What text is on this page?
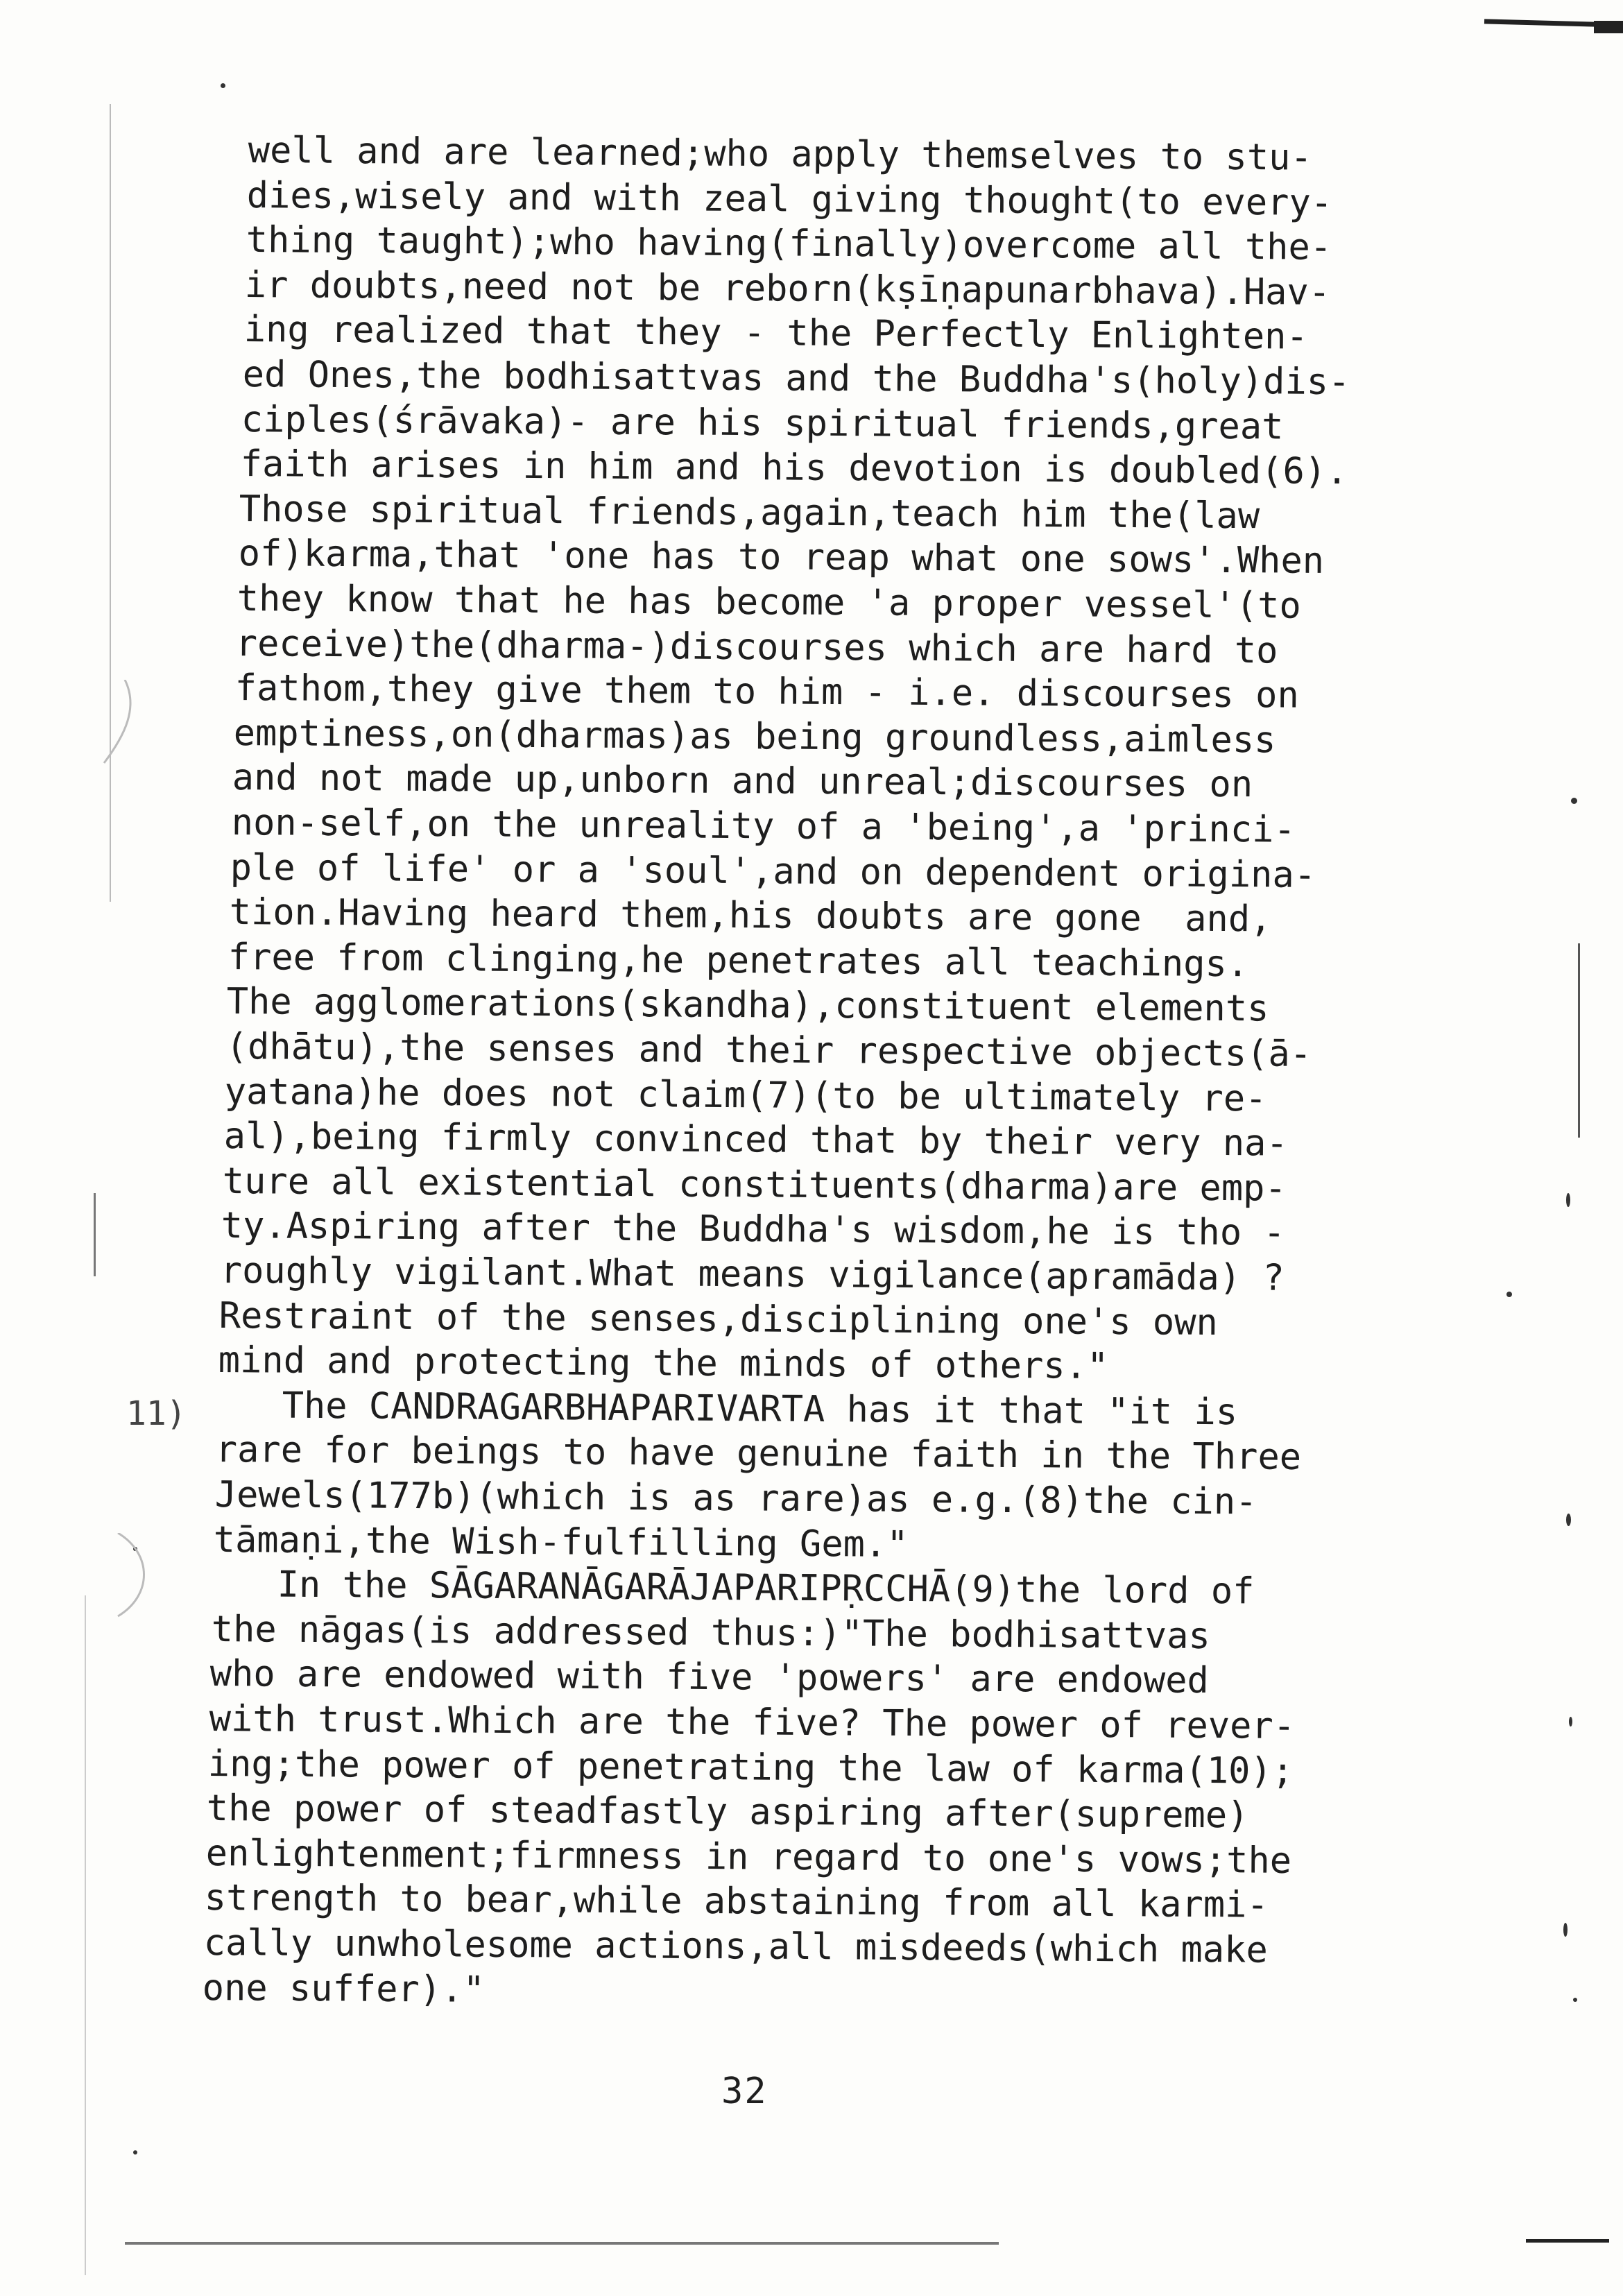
well and are learned;who apply themselves to stu-
dies,wisely and with zeal giving thought(to every-
thing taught);who having(finally)overcome all the-
ir doubts,need not be reborn(kṣīṇapunarbhava).Hav-
ing realized that they - the Perfectly Enlighten-
ed Ones,the bodhisattvas and the Buddha's(holy)dis-
ciples(śrāvaka)- are his spiritual friends,great
faith arises in him and his devotion is doubled(6).
Those spiritual friends,again,teach him the(law
of)karma,that 'one has to reap what one sows'.When
they know that he has become 'a proper vessel'(to
receive)the(dharma-)discourses which are hard to
fathom,they give them to him - i.e. discourses on
emptiness,on(dharmas)as being groundless,aimless
and not made up,unborn and unreal;discourses on
non-self,on the unreality of a 'being',a 'princi-
ple of life' or a 'soul',and on dependent origina-
tion.Having heard them,his doubts are gone  and,
free from clinging,he penetrates all teachings.
The agglomerations(skandha),constituent elements
(dhātu),the senses and their respective objects(ā-
yatana)he does not claim(7)(to be ultimately re-
al),being firmly convinced that by their very na-
ture all existential constituents(dharma)are emp-
ty.Aspiring after the Buddha's wisdom,he is tho -
roughly vigilant.What means vigilance(apramāda) ?
Restraint of the senses,disciplining one's own
mind and protecting the minds of others."
The CANDRAGARBHAPARIVARTA has it that "it is
rare for beings to have genuine faith in the Three
Jewels(177b)(which is as rare)as e.g.(8)the cin-
tāmaṇi,the Wish-fulfilling Gem."
In the SĀGARANĀGARĀJAPARIPṚCCHĀ(9)the lord of
the nāgas(is addressed thus:)"The bodhisattvas
who are endowed with five 'powers' are endowed
with trust.Which are the five? The power of rever-
ing;the power of penetrating the law of karma(10);
the power of steadfastly aspiring after(supreme)
enlightenment;firmness in regard to one's vows;the
strength to bear,while abstaining from all karmi-
cally unwholesome actions,all misdeeds(which make
one suffer)."
11)
32
